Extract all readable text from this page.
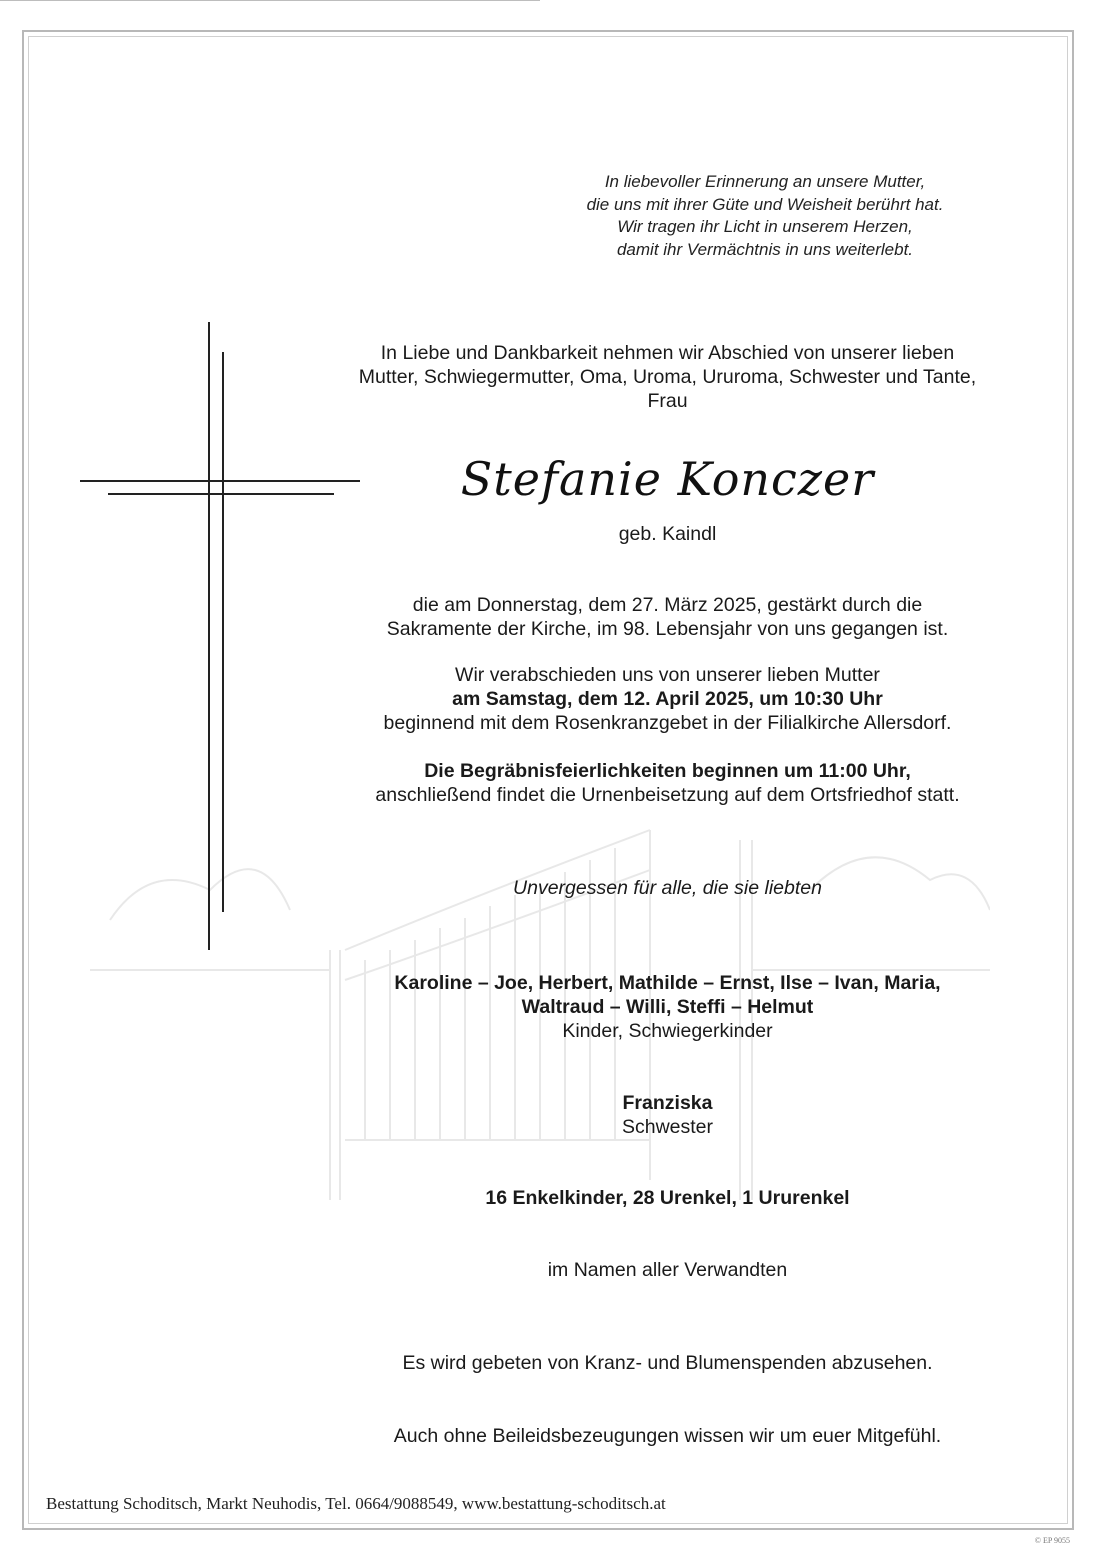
In liebevoller Erinnerung an unsere Mutter,
die uns mit ihrer Güte und Weisheit berührt hat.
Wir tragen ihr Licht in unserem Herzen,
damit ihr Vermächtnis in uns weiterlebt.
In Liebe und Dankbarkeit nehmen wir Abschied von unserer lieben
Mutter, Schwiegermutter, Oma, Uroma, Ururoma, Schwester und Tante,
Frau
Stefanie Konczer
geb. Kaindl
die am Donnerstag, dem 27. März 2025, gestärkt durch die
Sakramente der Kirche, im 98. Lebensjahr von uns gegangen ist.
Wir verabschieden uns von unserer lieben Mutter
am Samstag, dem 12. April 2025, um 10:30 Uhr
beginnend mit dem Rosenkranzgebet in der Filialkirche Allersdorf.
Die Begräbnisfeierlichkeiten beginnen um 11:00 Uhr,
anschließend findet die Urnenbeisetzung auf dem Ortsfriedhof statt.
Unvergessen für alle, die sie liebten
Karoline – Joe, Herbert, Mathilde – Ernst, Ilse – Ivan, Maria,
Waltraud – Willi, Steffi – Helmut
Kinder, Schwiegerkinder
Franziska
Schwester
16 Enkelkinder, 28 Urenkel, 1 Ururenkel
im Namen aller Verwandten
Es wird gebeten von Kranz- und Blumenspenden abzusehen.
Auch ohne Beileidsbezeugungen wissen wir um euer Mitgefühl.
Bestattung Schoditsch, Markt Neuhodis, Tel. 0664/9088549, www.bestattung-schoditsch.at
© EP 9055
